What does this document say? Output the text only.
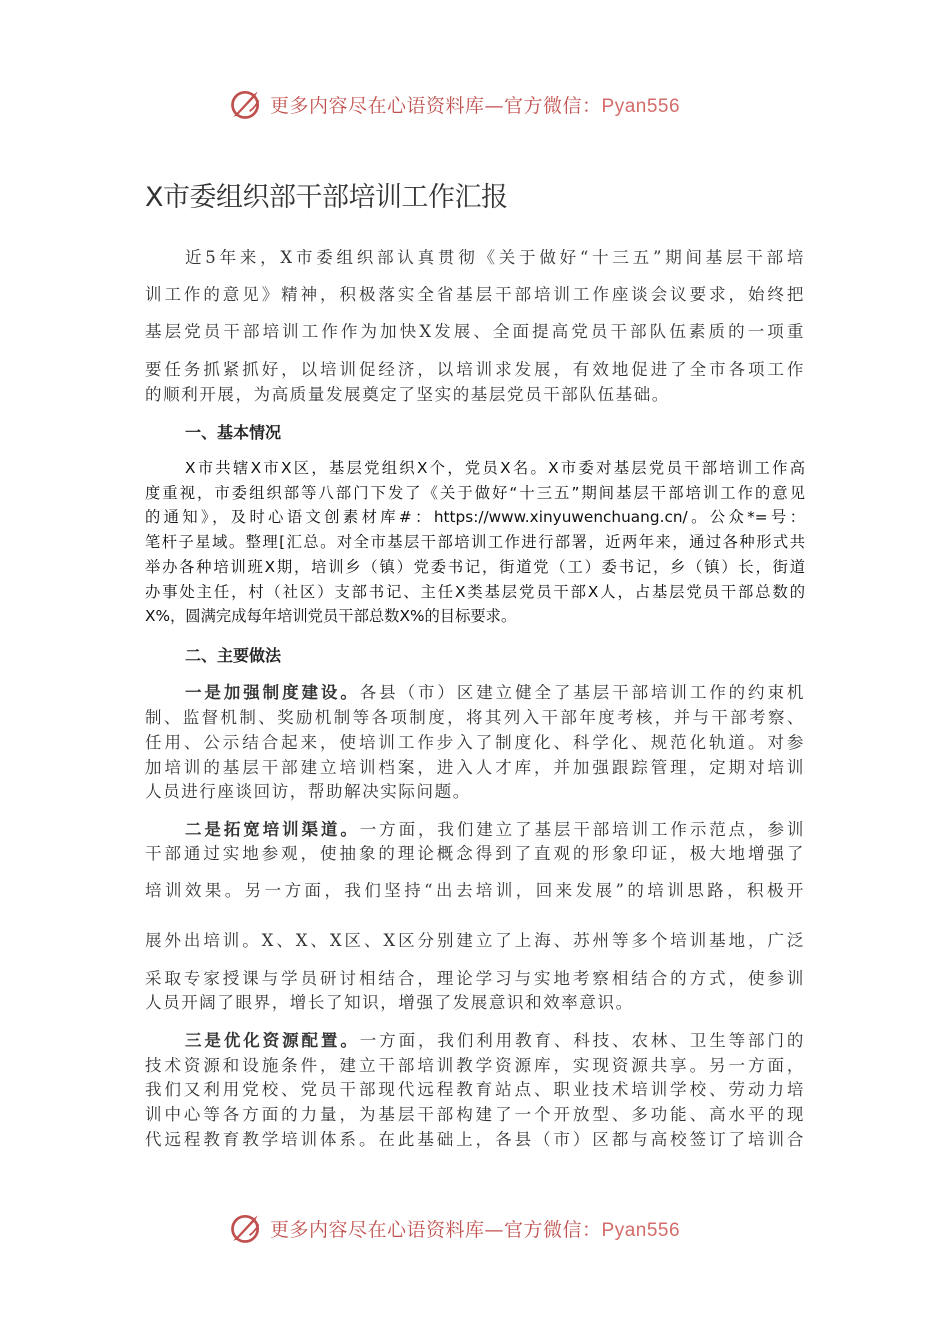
更多内容尽在心语资料库—官方微信：Pyan556
X市委组织部干部培训工作汇报
近5年来，X市委组织部认真贯彻《关于做好“十三五”期间基层干部培
训工作的意见》精神，积极落实全省基层干部培训工作座谈会议要求，始终把
基层党员干部培训工作作为加快X发展、全面提高党员干部队伍素质的一项重
要任务抓紧抓好，以培训促经济，以培训求发展，有效地促进了全市各项工作
的顺利开展，为高质量发展奠定了坚实的基层党员干部队伍基础。
一、基本情况
X市共辖X市X区，基层党组织X个，党员X名。X市委对基层党员干部培训工作高
度重视，市委组织部等八部门下发了《关于做好“十三五”期间基层干部培训工作的意见
的通知》，及时心语文创素材库#：https://www.xinyuwenchuang.cn/。公众*=号：
笔杆子星域。整理[汇总。对全市基层干部培训工作进行部署，近两年来，通过各种形式共
举办各种培训班X期，培训乡（镇）党委书记，街道党（工）委书记，乡（镇）长，街道
办事处主任，村（社区）支部书记、主任X类基层党员干部X人，占基层党员干部总数的
X%，圆满完成每年培训党员干部总数X%的目标要求。
二、主要做法
一是加强制度建设。各县（市）区建立健全了基层干部培训工作的约束机
制、监督机制、奖励机制等各项制度，将其列入干部年度考核，并与干部考察、
任用、公示结合起来，使培训工作步入了制度化、科学化、规范化轨道。对参
加培训的基层干部建立培训档案，进入人才库，并加强跟踪管理，定期对培训
人员进行座谈回访，帮助解决实际问题。
二是拓宽培训渠道。一方面，我们建立了基层干部培训工作示范点，参训
干部通过实地参观，使抽象的理论概念得到了直观的形象印证，极大地增强了
培训效果。另一方面，我们坚持“出去培训，回来发展”的培训思路，积极开
展外出培训。X、X、X区、X区分别建立了上海、苏州等多个培训基地，广泛
采取专家授课与学员研讨相结合，理论学习与实地考察相结合的方式，使参训
人员开阔了眼界，增长了知识，增强了发展意识和效率意识。
三是优化资源配置。一方面，我们利用教育、科技、农林、卫生等部门的
技术资源和设施条件，建立干部培训教学资源库，实现资源共享。另一方面，
我们又利用党校、党员干部现代远程教育站点、职业技术培训学校、劳动力培
训中心等各方面的力量，为基层干部构建了一个开放型、多功能、高水平的现
代远程教育教学培训体系。在此基础上，各县（市）区都与高校签订了培训合
更多内容尽在心语资料库—官方微信：Pyan556
